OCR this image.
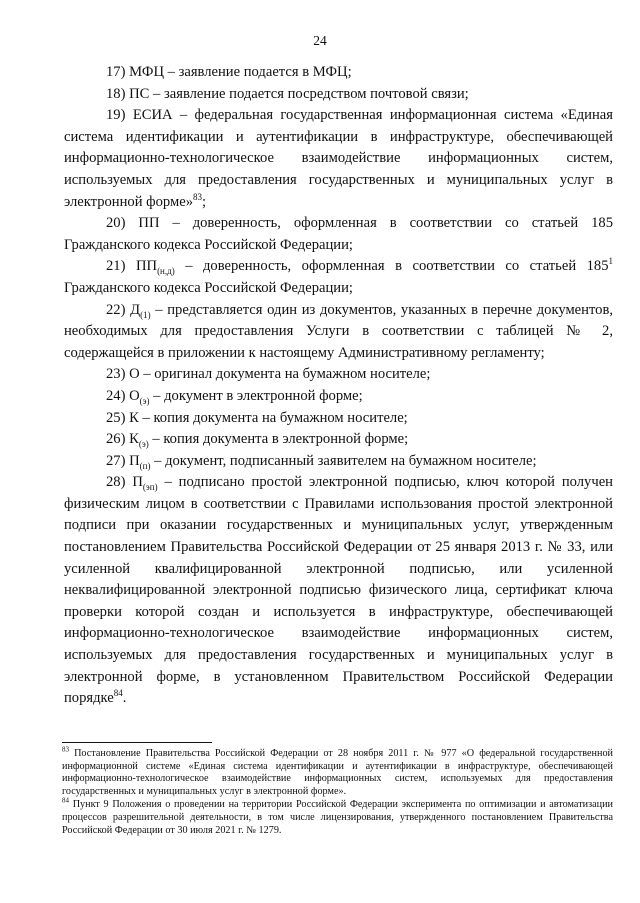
24

17) МФЦ – заявление подается в МФЦ;

18) ПС – заявление подается посредством почтовой связи;

19) ЕСИА – федеральная государственная информационная система «Единая система идентификации и аутентификации в инфраструктуре, обеспечивающей информационно-технологическое взаимодействие информационных систем, используемых для предоставления государственных и муниципальных услуг в электронной форме»$^{83}$;

20) ПП – доверенность, оформленная в соответствии со статьей 185 Гражданского кодекса Российской Федерации;

21) $ПП_{(н,д)}$ – доверенность, оформленная в соответствии со статьей $185^1$ Гражданского кодекса Российской Федерации;

22) $Д_{(1)}$ – представляется один из документов, указанных в перечне документов, необходимых для предоставления Услуги в соответствии с таблицей № 2, содержащейся в приложении к настоящему Административному регламенту;

23) О – оригинал документа на бумажном носителе;

24) $О_{(э)}$ – документ в электронной форме;

25) К – копия документа на бумажном носителе;

26) $К_{(э)}$ – копия документа в электронной форме;

27) $П_{(п)}$ – документ, подписанный заявителем на бумажном носителе;

28) $П_{(эп)}$ – подписано простой электронной подписью, ключ которой получен физическим лицом в соответствии с Правилами использования простой электронной подписи при оказании государственных и муниципальных услуг, утвержденным постановлением Правительства Российской Федерации от 25 января 2013 г. № 33, или усиленной квалифицированной электронной подписью, или усиленной неквалифицированной электронной подписью физического лица, сертификат ключа проверки которой создан и используется в инфраструктуре, обеспечивающей информационно-технологическое взаимодействие информационных систем, используемых для предоставления государственных и муниципальных услуг в электронной форме, в установленном Правительством Российской Федерации порядке$^{84}$.

$^{83}$ Постановление Правительства Российской Федерации от 28 ноября 2011 г. № 977 «О федеральной государственной информационной системе «Единая система идентификации и аутентификации в инфраструктуре, обеспечивающей информационно-технологическое взаимодействие информационных систем, используемых для предоставления государственных и муниципальных услуг в электронной форме».

$^{84}$ Пункт 9 Положения о проведении на территории Российской Федерации эксперимента по оптимизации и автоматизации процессов разрешительной деятельности, в том числе лицензирования, утвержденного постановлением Правительства Российской Федерации от 30 июля 2021 г. № 1279.
